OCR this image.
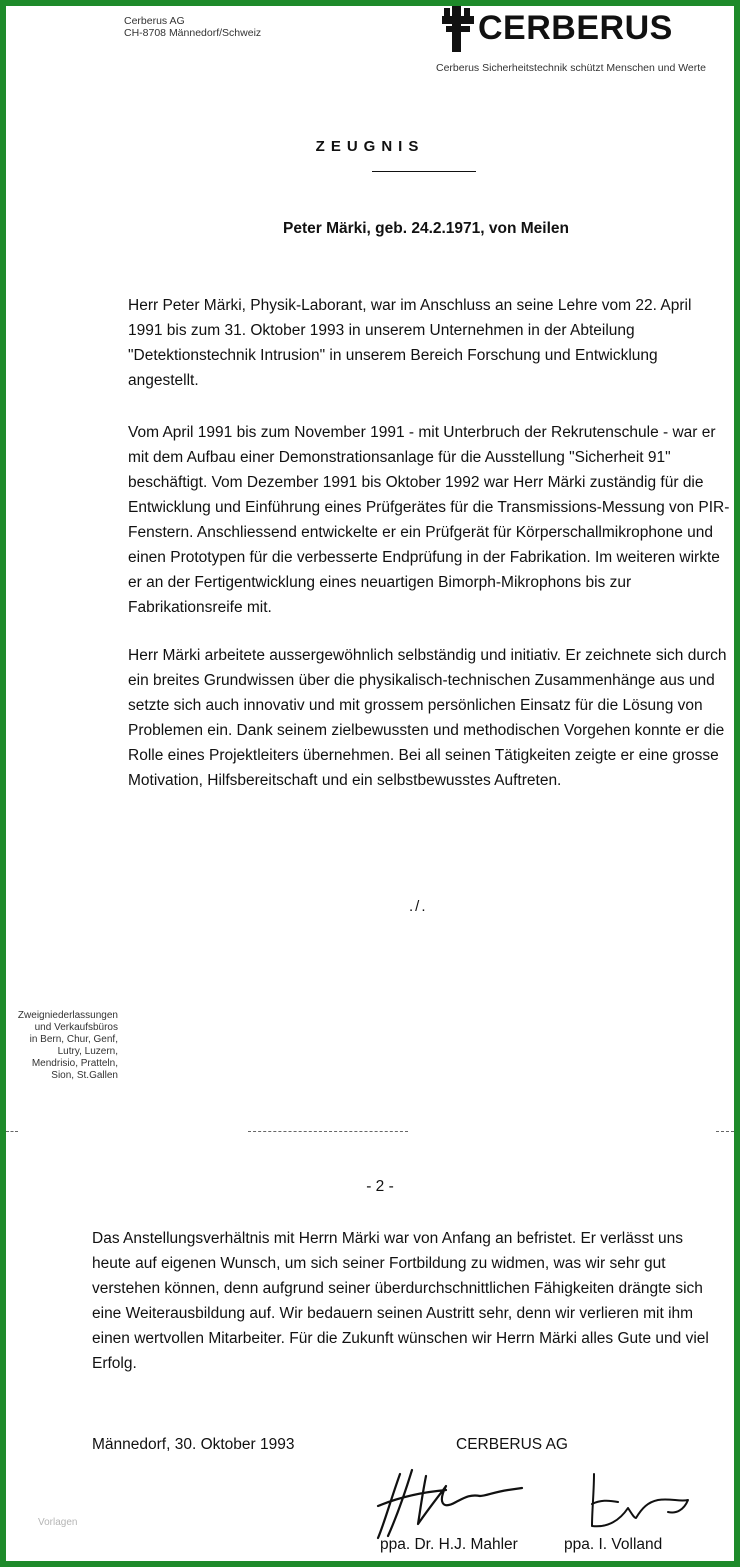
Cerberus AG
CH-8708 Männedorf/Schweiz	CERBERUS
Cerberus Sicherheitstechnik schützt Menschen und Werte
ZEUGNIS
Peter Märki, geb. 24.2.1971, von Meilen

Herr Peter Märki, Physik-Laborant, war im Anschluss an seine Lehre vom 22. April 1991 bis zum 31. Oktober 1993 in unserem Unternehmen in der Abteilung "Detektionstechnik Intrusion" in unserem Bereich Forschung und Entwicklung angestellt.

Vom April 1991 bis zum November 1991 - mit Unterbruch der Rekrutenschule - war er mit dem Aufbau einer Demonstrationsanlage für die Ausstellung "Sicherheit 91" beschäftigt. Vom Dezember 1991 bis Oktober 1992 war Herr Märki zuständig für die Entwicklung und Einführung eines Prüfgerätes für die Transmissions-Messung von PIR-Fenstern. Anschliessend entwickelte er ein Prüfgerät für Körperschallmikrophone und einen Prototypen für die verbesserte Endprüfung in der Fabrikation. Im weiteren wirkte er an der Fertigentwicklung eines neuartigen Bimorph-Mikrophons bis zur Fabrikationsreife mit.

Herr Märki arbeitete aussergewöhnlich selbständig und initiativ. Er zeichnete sich durch ein breites Grundwissen über die physikalisch-technischen Zusammenhänge aus und setzte sich auch innovativ und mit grossem persönlichen Einsatz für die Lösung von Problemen ein. Dank seinem zielbewussten und methodischen Vorgehen konnte er die Rolle eines Projektleiters übernehmen. Bei all seinen Tätigkeiten zeigte er eine grosse Motivation, Hilfsbereitschaft und ein selbstbewusstes Auftreten.

./.
Zweigniederlassungen
und Verkaufsbüros
in Bern, Chur, Genf,
Lutry, Luzern,
Mendrisio, Pratteln,
Sion, St.Gallen
- 2 -

Das Anstellungsverhältnis mit Herrn Märki war von Anfang an befristet. Er verlässt uns heute auf eigenen Wunsch, um sich seiner Fortbildung zu widmen, was wir sehr gut verstehen können, denn aufgrund seiner überdurchschnittlichen Fähigkeiten drängte sich eine Weiterausbildung auf. Wir bedauern seinen Austritt sehr, denn wir verlieren mit ihm einen wertvollen Mitarbeiter. Für die Zukunft wünschen wir Herrn Märki alles Gute und viel Erfolg.

Männedorf, 30. Oktober 1993	CERBERUS AG
ppa. Dr. H.J. Mahler	ppa. I. Volland
Vorlagen
